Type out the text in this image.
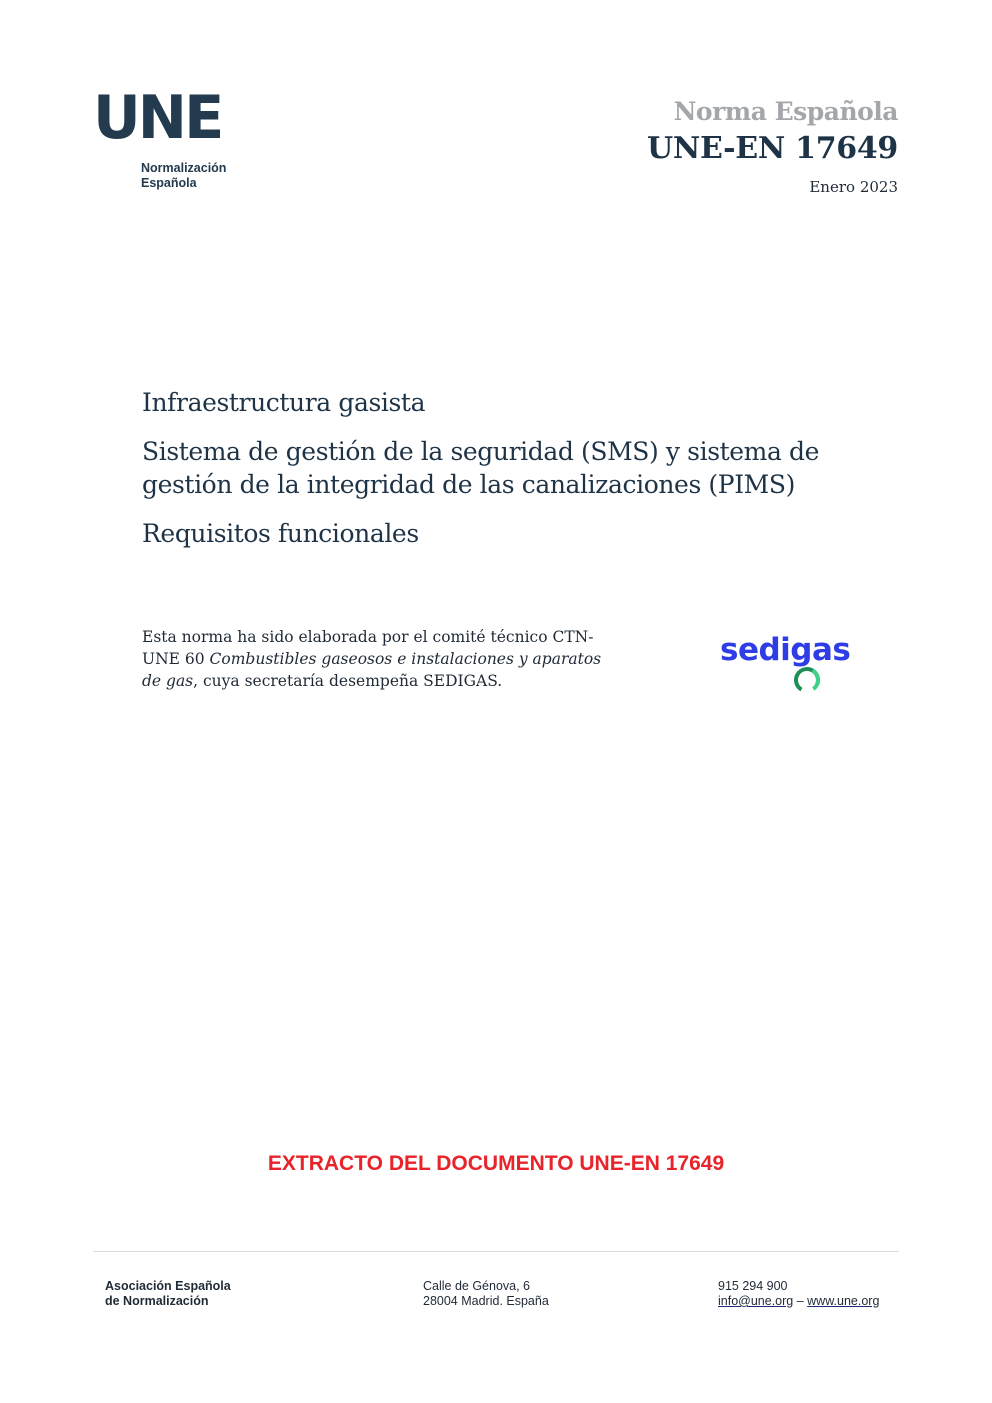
UNE
Normalización
Española
Norma Española
UNE-EN 17649
Enero 2023
Infraestructura gasista
Sistema de gestión de la seguridad (SMS) y sistema de gestión de la integridad de las canalizaciones (PIMS)
Requisitos funcionales
Esta norma ha sido elaborada por el comité técnico CTN-UNE 60 Combustibles gaseosos e instalaciones y aparatos de gas, cuya secretaría desempeña SEDIGAS.
sedigas
EXTRACTO DEL DOCUMENTO UNE-EN 17649
Asociación Española
de Normalización
Calle de Génova, 6
28004 Madrid. España
915 294 900
info@une.org – www.une.org
